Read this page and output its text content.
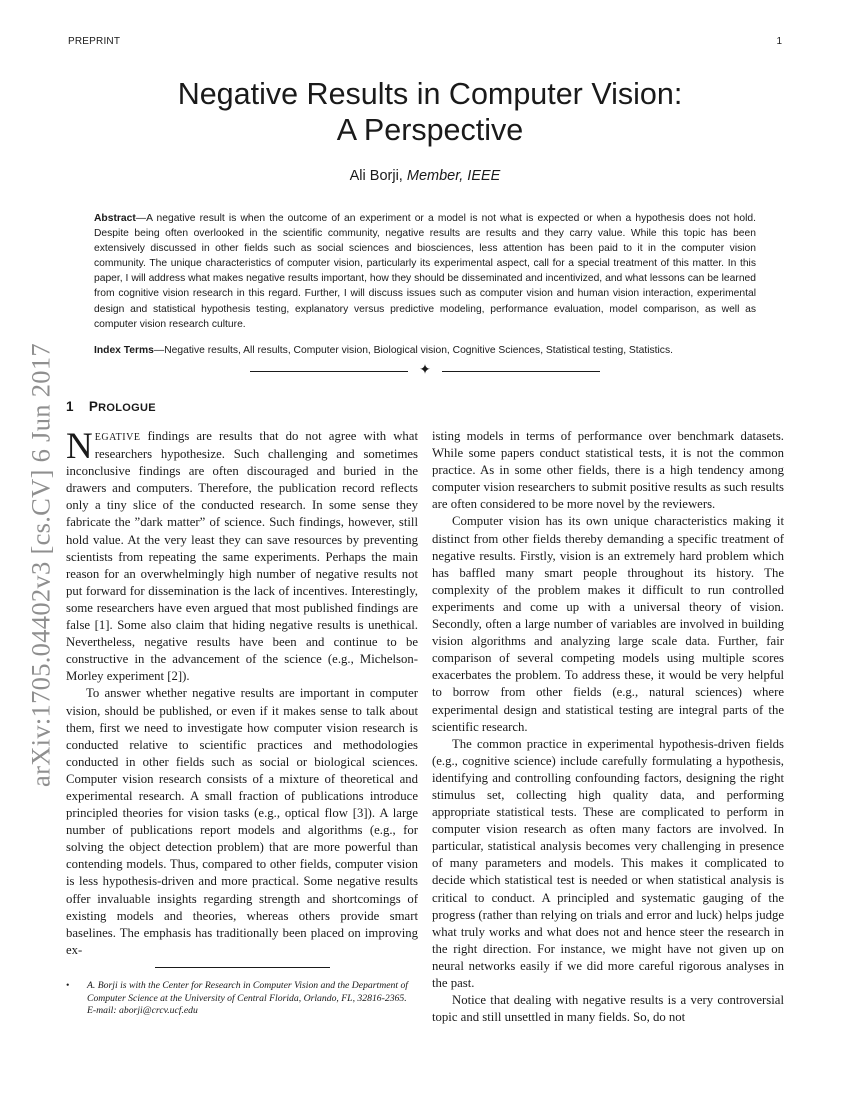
PREPRINT	1
arXiv:1705.04402v3 [cs.CV] 6 Jun 2017
Negative Results in Computer Vision:
A Perspective
Ali Borji, Member, IEEE
Abstract—A negative result is when the outcome of an experiment or a model is not what is expected or when a hypothesis does not hold. Despite being often overlooked in the scientific community, negative results are results and they carry value. While this topic has been extensively discussed in other fields such as social sciences and biosciences, less attention has been paid to it in the computer vision community. The unique characteristics of computer vision, particularly its experimental aspect, call for a special treatment of this matter. In this paper, I will address what makes negative results important, how they should be disseminated and incentivized, and what lessons can be learned from cognitive vision research in this regard. Further, I will discuss issues such as computer vision and human vision interaction, experimental design and statistical hypothesis testing, explanatory versus predictive modeling, performance evaluation, model comparison, as well as computer vision research culture.
Index Terms—Negative results, All results, Computer vision, Biological vision, Cognitive Sciences, Statistical testing, Statistics.
✦
1 PROLOGUE

NEGATIVE findings are results that do not agree with what researchers hypothesize. Such challenging and sometimes inconclusive findings are often discouraged and buried in the drawers and computers. Therefore, the publication record reflects only a tiny slice of the conducted research. In some sense they fabricate the ”dark matter” of science. Such findings, however, still hold value. At the very least they can save resources by preventing scientists from repeating the same experiments. Perhaps the main reason for an overwhelmingly high number of negative results not put forward for dissemination is the lack of incentives. Interestingly, some researchers have even argued that most published findings are false [1]. Some also claim that hiding negative results is unethical. Nevertheless, negative results have been and continue to be constructive in the advancement of the science (e.g., Michelson-Morley experiment [2]).

To answer whether negative results are important in computer vision, should be published, or even if it makes sense to talk about them, first we need to investigate how computer vision research is conducted relative to scientific practices and methodologies conducted in other fields such as social or biological sciences. Computer vision research consists of a mixture of theoretical and experimental research. A small fraction of publications introduce principled theories for vision tasks (e.g., optical flow [3]). A large number of publications report models and algorithms (e.g., for solving the object detection problem) that are more powerful than contending models. Thus, compared to other fields, computer vision is less hypothesis-driven and more practical. Some negative results offer invaluable insights regarding strength and shortcomings of existing models and theories, whereas others provide smart baselines. The emphasis has traditionally been placed on improving ex-

isting models in terms of performance over benchmark datasets. While some papers conduct statistical tests, it is not the common practice. As in some other fields, there is a high tendency among computer vision researchers to submit positive results as such results are often considered to be more novel by the reviewers.

Computer vision has its own unique characteristics making it distinct from other fields thereby demanding a specific treatment of negative results. Firstly, vision is an extremely hard problem which has baffled many smart people throughout its history. The complexity of the problem makes it difficult to run controlled experiments and come up with a universal theory of vision. Secondly, often a large number of variables are involved in building vision algorithms and analyzing large scale data. Further, fair comparison of several competing models using multiple scores exacerbates the problem. To address these, it would be very helpful to borrow from other fields (e.g., natural sciences) where experimental design and statistical testing are integral parts of the scientific research.

The common practice in experimental hypothesis-driven fields (e.g., cognitive science) include carefully formulating a hypothesis, identifying and controlling confounding factors, designing the right stimulus set, collecting high quality data, and performing appropriate statistical tests. These are complicated to perform in computer vision research as often many factors are involved. In particular, statistical analysis becomes very challenging in presence of many parameters and models. This makes it complicated to decide which statistical test is needed or when statistical analysis is critical to conduct. A principled and systematic gauging of the progress (rather than relying on trials and error and luck) helps judge what truly works and what does not and hence steer the research in the right direction. For instance, we might have not given up on neural networks easily if we did more careful rigorous analyses in the past.

Notice that dealing with negative results is a very controversial topic and still unsettled in many fields. So, do not

• A. Borji is with the Center for Research in Computer Vision and the Department of Computer Science at the University of Central Florida, Orlando, FL, 32816-2365.
E-mail: aborji@crcv.ucf.edu
